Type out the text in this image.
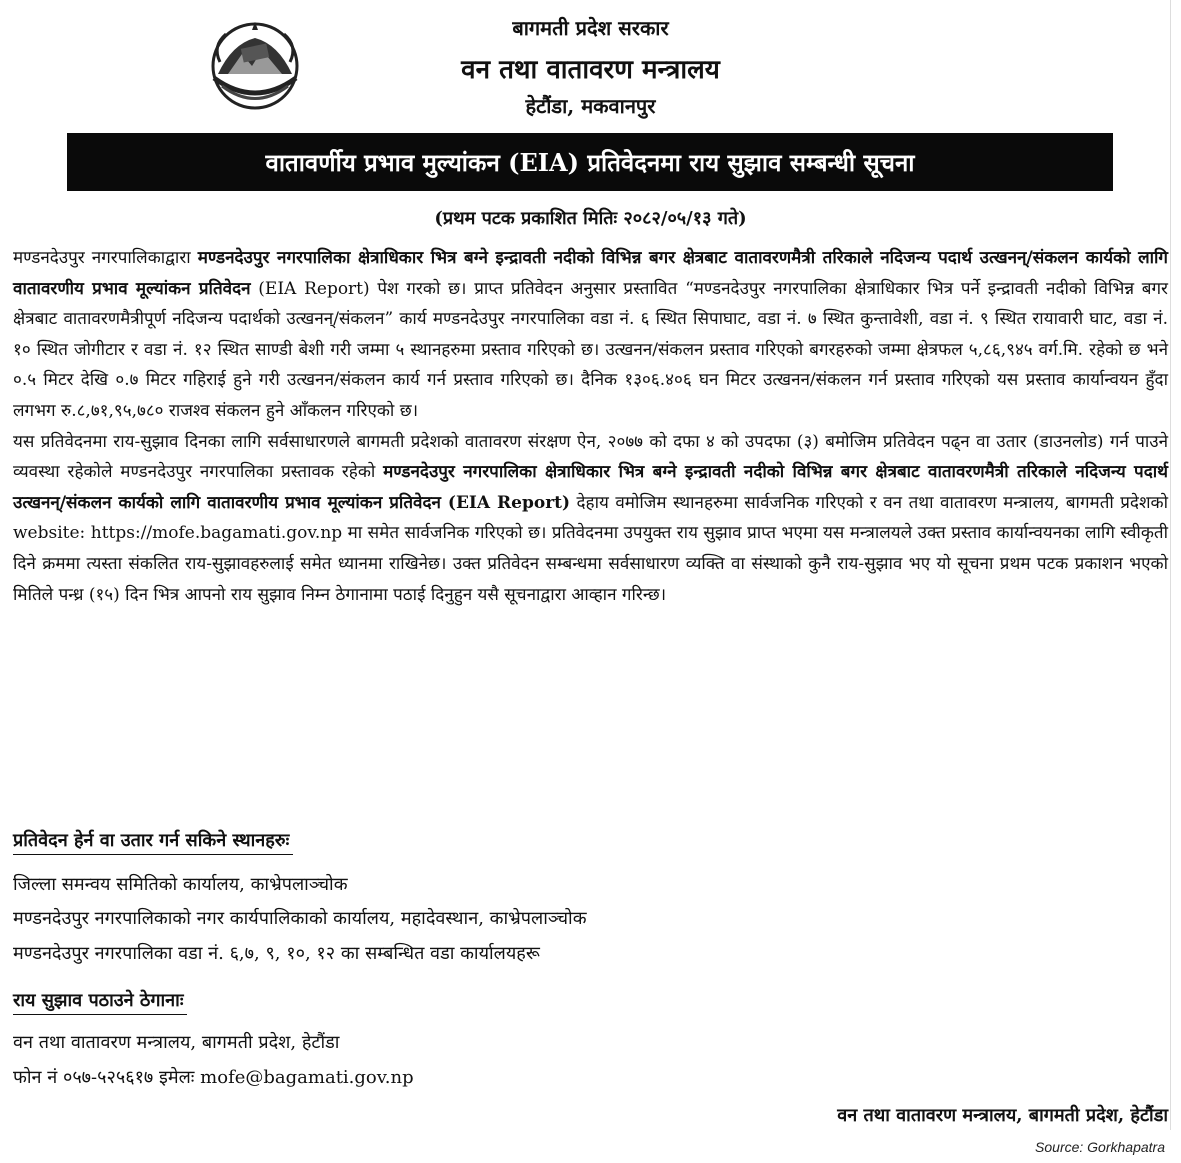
बागमती प्रदेश सरकार
वन तथा वातावरण मन्त्रालय
हेटौंडा, मकवानपुर
वातावर्णीय प्रभाव मुल्यांकन (EIA) प्रतिवेदनमा राय सुझाव सम्बन्धी सूचना
(प्रथम पटक प्रकाशित मितिः २०८२/०५/१३ गते)

मण्डनदेउपुर नगरपालिकाद्वारा मण्डनदेउपुर नगरपालिका क्षेत्राधिकार भित्र बग्ने इन्द्रावती नदीको विभिन्न बगर क्षेत्रबाट वातावरणमैत्री तरिकाले नदिजन्य पदार्थ उत्खनन्/संकलन कार्यको लागि वातावरणीय प्रभाव मूल्यांकन प्रतिवेदन (EIA Report) पेश गरको छ। प्राप्त प्रतिवेदन अनुसार प्रस्तावित “मण्डनदेउपुर नगरपालिका क्षेत्राधिकार भित्र पर्ने इन्द्रावती नदीको विभिन्न बगर क्षेत्रबाट वातावरणमैत्रीपूर्ण नदिजन्य पदार्थको उत्खनन्/संकलन” कार्य मण्डनदेउपुर नगरपालिका वडा नं. ६ स्थित सिपाघाट, वडा नं. ७ स्थित कुन्तावेशी, वडा नं. ९ स्थित रायावारी घाट, वडा नं. १० स्थित जोगीटार र वडा नं. १२ स्थित साण्डी बेशी गरी जम्मा ५ स्थानहरुमा प्रस्ताव गरिएको छ। उत्खनन/संकलन प्रस्ताव गरिएको बगरहरुको जम्मा क्षेत्रफल ५,८६,९४५ वर्ग.मि. रहेको छ भने ०.५ मिटर देखि ०.७ मिटर गहिराई हुने गरी उत्खनन/संकलन कार्य गर्न प्रस्ताव गरिएको छ। दैनिक १३०६.४०६ घन मिटर उत्खनन/संकलन गर्न प्रस्ताव गरिएको यस प्रस्ताव कार्यान्वयन हुँदा लगभग रु.८,७१,९५,७८० राजश्व संकलन हुने आँकलन गरिएको छ।

यस प्रतिवेदनमा राय-सुझाव दिनका लागि सर्वसाधारणले बागमती प्रदेशको वातावरण संरक्षण ऐन, २०७७ को दफा ४ को उपदफा (३) बमोजिम प्रतिवेदन पढ्न वा उतार (डाउनलोड) गर्न पाउने व्यवस्था रहेकोले मण्डनदेउपुर नगरपालिका प्रस्तावक रहेको मण्डनदेउपुर नगरपालिका क्षेत्राधिकार भित्र बग्ने इन्द्रावती नदीको विभिन्न बगर क्षेत्रबाट वातावरणमैत्री तरिकाले नदिजन्य पदार्थ उत्खनन्/संकलन कार्यको लागि वातावरणीय प्रभाव मूल्यांकन प्रतिवेदन (EIA Report) देहाय वमोजिम स्थानहरुमा सार्वजनिक गरिएको र वन तथा वातावरण मन्त्रालय, बागमती प्रदेशको website: https://mofe.bagamati.gov.np मा समेत सार्वजनिक गरिएको छ। प्रतिवेदनमा उपयुक्त राय सुझाव प्राप्त भएमा यस मन्त्रालयले उक्त प्रस्ताव कार्यान्वयनका लागि स्वीकृती दिने क्रममा त्यस्ता संकलित राय-सुझावहरुलाई समेत ध्यानमा राखिनेछ। उक्त प्रतिवेदन सम्बन्धमा सर्वसाधारण व्यक्ति वा संस्थाको कुनै राय-सुझाव भए यो सूचना प्रथम पटक प्रकाशन भएको मितिले पन्ध्र (१५) दिन भित्र आपनो राय सुझाव निम्न ठेगानामा पठाई दिनुहुन यसै सूचनाद्वारा आव्हान गरिन्छ।

प्रतिवेदन हेर्न वा उतार गर्न सकिने स्थानहरुः
जिल्ला समन्वय समितिको कार्यालय, काभ्रेपलाञ्चोक
मण्डनदेउपुर नगरपालिकाको नगर कार्यपालिकाको कार्यालय, महादेवस्थान, काभ्रेपलाञ्चोक
मण्डनदेउपुर नगरपालिका वडा नं. ६,७, ९, १०, १२ का सम्बन्धित वडा कार्यालयहरू
राय सुझाव पठाउने ठेगानाः
वन तथा वातावरण मन्त्रालय, बागमती प्रदेश, हेटौंडा
फोन नं ०५७-५२५६१७ इमेलः mofe@bagamati.gov.np
वन तथा वातावरण मन्त्रालय, बागमती प्रदेश, हेटौंडा
Source: Gorkhapatra
